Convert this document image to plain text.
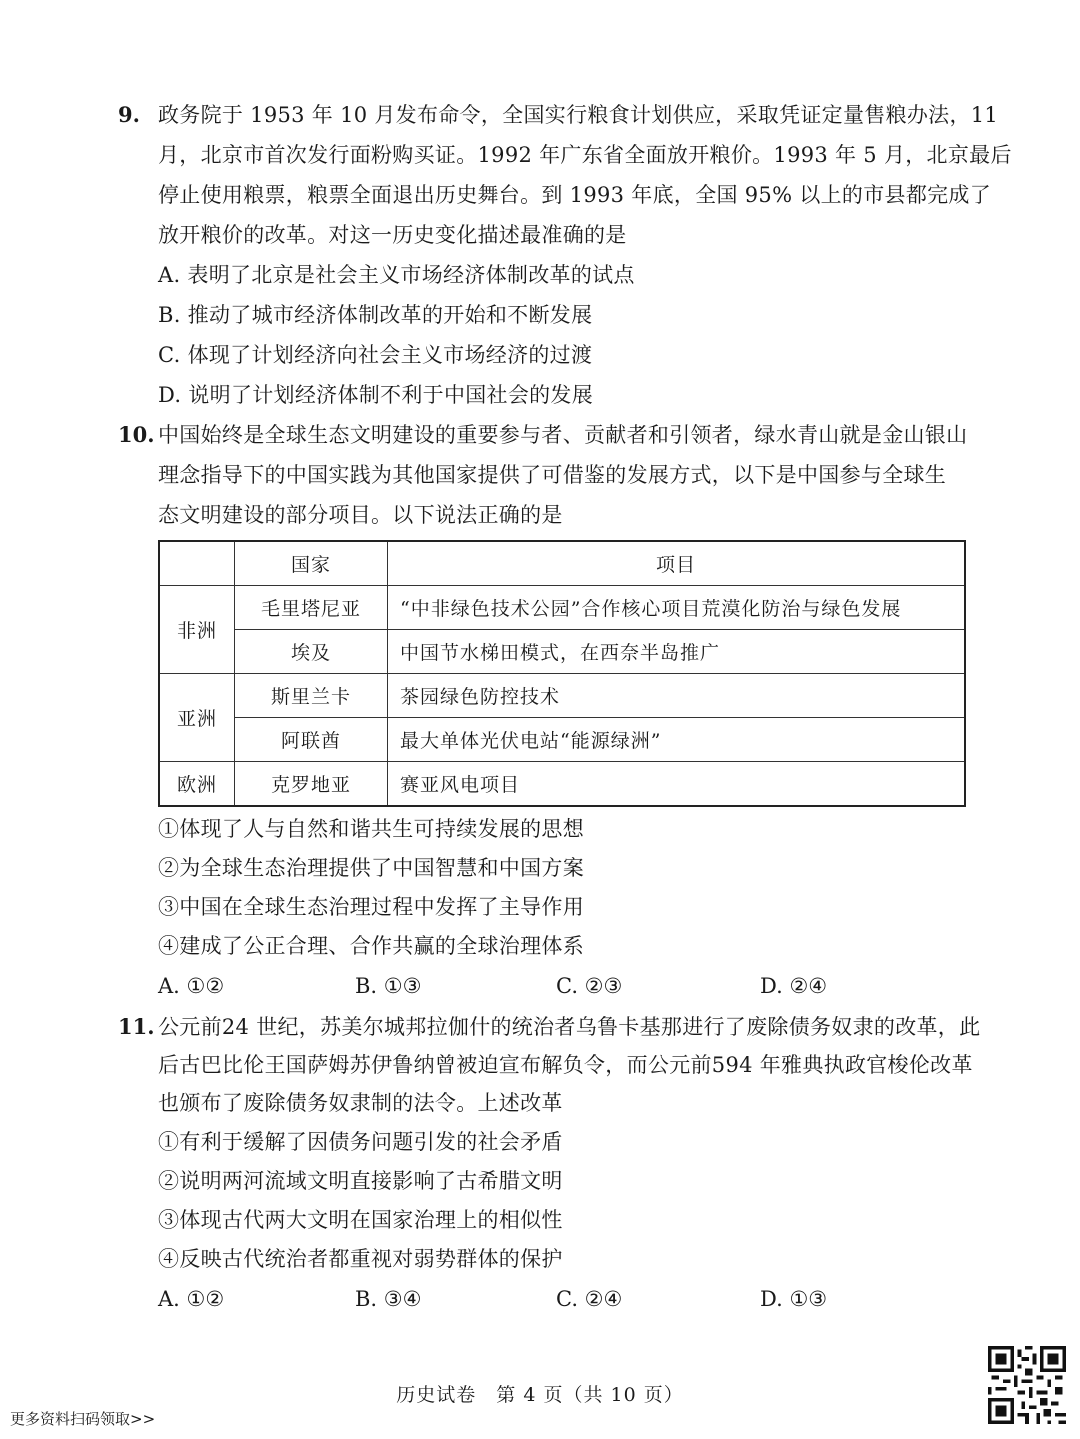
9. 政务院于 1953 年 10 月发布命令，全国实行粮食计划供应，采取凭证定量售粮办法，11
月，北京市首次发行面粉购买证。1992 年广东省全面放开粮价。1993 年 5 月，北京最后
停止使用粮票，粮票全面退出历史舞台。到 1993 年底，全国 95% 以上的市县都完成了
放开粮价的改革。对这一历史变化描述最准确的是
A. 表明了北京是社会主义市场经济体制改革的试点
B. 推动了城市经济体制改革的开始和不断发展
C. 体现了计划经济向社会主义市场经济的过渡
D. 说明了计划经济体制不利于中国社会的发展
10. 中国始终是全球生态文明建设的重要参与者、贡献者和引领者，绿水青山就是金山银山
理念指导下的中国实践为其他国家提供了可借鉴的发展方式，以下是中国参与全球生
态文明建设的部分项目。以下说法正确的是
	国家	项目
非洲	毛里塔尼亚	“中非绿色技术公园”合作核心项目荒漠化防治与绿色发展
	埃及	中国节水梯田模式，在西奈半岛推广
亚洲	斯里兰卡	茶园绿色防控技术
	阿联酋	最大单体光伏电站“能源绿洲”
欧洲	克罗地亚	赛亚风电项目
①体现了人与自然和谐共生可持续发展的思想
②为全球生态治理提供了中国智慧和中国方案
③中国在全球生态治理过程中发挥了主导作用
④建成了公正合理、合作共赢的全球治理体系
A. ①②	B. ①③	C. ②③	D. ②④
11. 公元前24 世纪，苏美尔城邦拉伽什的统治者乌鲁卡基那进行了废除债务奴隶的改革，此
后古巴比伦王国萨姆苏伊鲁纳曾被迫宣布解负令，而公元前594 年雅典执政官梭伦改革
也颁布了废除债务奴隶制的法令。上述改革
①有利于缓解了因债务问题引发的社会矛盾
②说明两河流域文明直接影响了古希腊文明
③体现古代两大文明在国家治理上的相似性
④反映古代统治者都重视对弱势群体的保护
A. ①②	B. ③④	C. ②④	D. ①③
历史试卷　第 4 页（共 10 页）
更多资料扫码领取>>
